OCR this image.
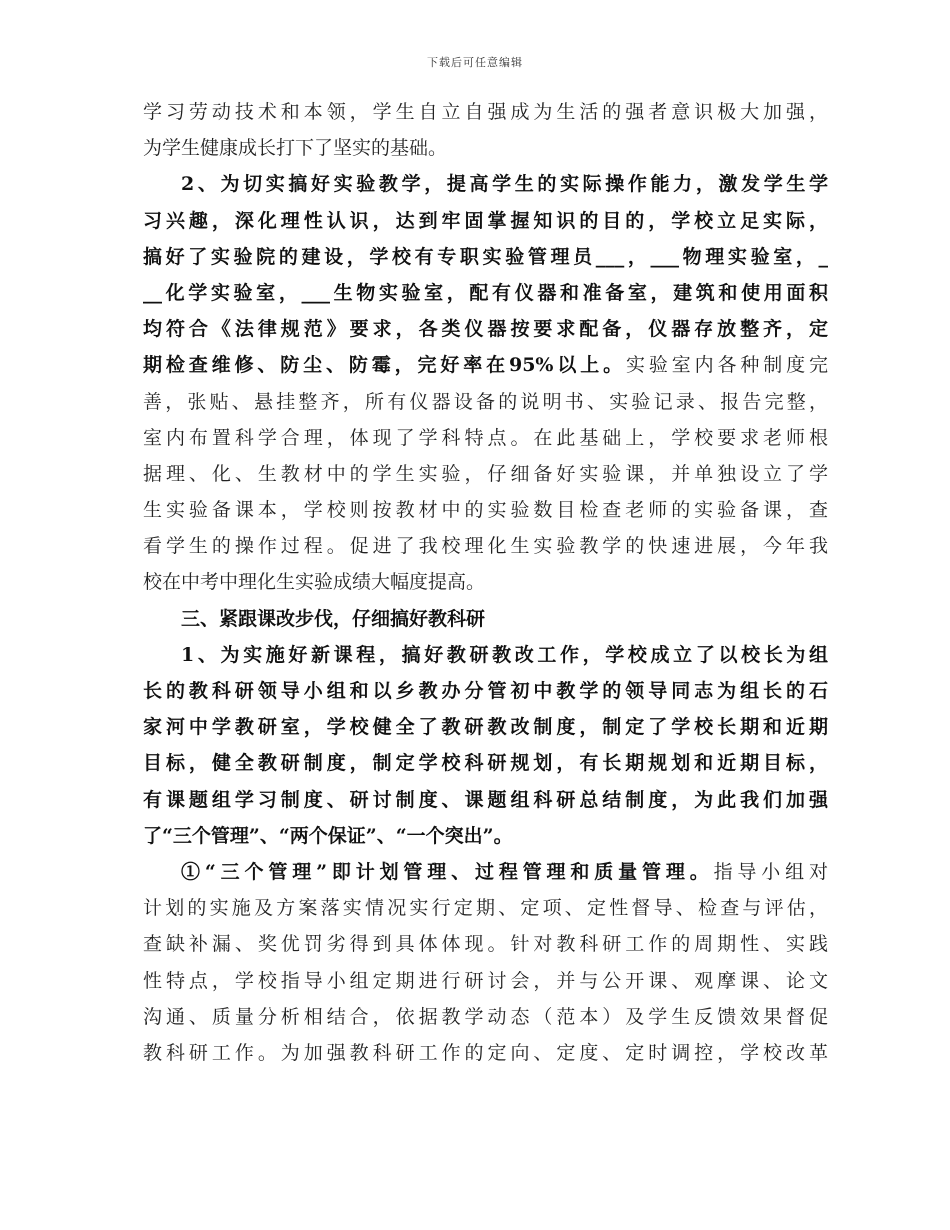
下载后可任意编辑
学习劳动技术和本领，学生自立自强成为生活的强者意识极大加强，
为学生健康成长打下了坚实的基础。
2、为切实搞好实验教学，提高学生的实际操作能力，激发学生学
习兴趣，深化理性认识，达到牢固掌握知识的目的，学校立足实际，
搞好了实验院的建设，学校有专职实验管理员___，___物理实验室，_
__化学实验室，___生物实验室，配有仪器和准备室，建筑和使用面积
均符合《法律规范》要求，各类仪器按要求配备，仪器存放整齐，定
期检查维修、防尘、防霉，完好率在95%以上。实验室内各种制度完
善，张贴、悬挂整齐，所有仪器设备的说明书、实验记录、报告完整，
室内布置科学合理，体现了学科特点。在此基础上，学校要求老师根
据理、化、生教材中的学生实验，仔细备好实验课，并单独设立了学
生实验备课本，学校则按教材中的实验数目检查老师的实验备课，查
看学生的操作过程。促进了我校理化生实验教学的快速进展，今年我
校在中考中理化生实验成绩大幅度提高。
三、紧跟课改步伐，仔细搞好教科研
1、为实施好新课程，搞好教研教改工作，学校成立了以校长为组
长的教科研领导小组和以乡教办分管初中教学的领导同志为组长的石
家河中学教研室，学校健全了教研教改制度，制定了学校长期和近期
目标，健全教研制度，制定学校科研规划，有长期规划和近期目标，
有课题组学习制度、研讨制度、课题组科研总结制度，为此我们加强
了“三个管理”、“两个保证”、“一个突出”。
①“三个管理”即计划管理、过程管理和质量管理。指导小组对
计划的实施及方案落实情况实行定期、定项、定性督导、检查与评估，
查缺补漏、奖优罚劣得到具体体现。针对教科研工作的周期性、实践
性特点，学校指导小组定期进行研讨会，并与公开课、观摩课、论文
沟通、质量分析相结合，依据教学动态（范本）及学生反馈效果督促
教科研工作。为加强教科研工作的定向、定度、定时调控，学校改革
